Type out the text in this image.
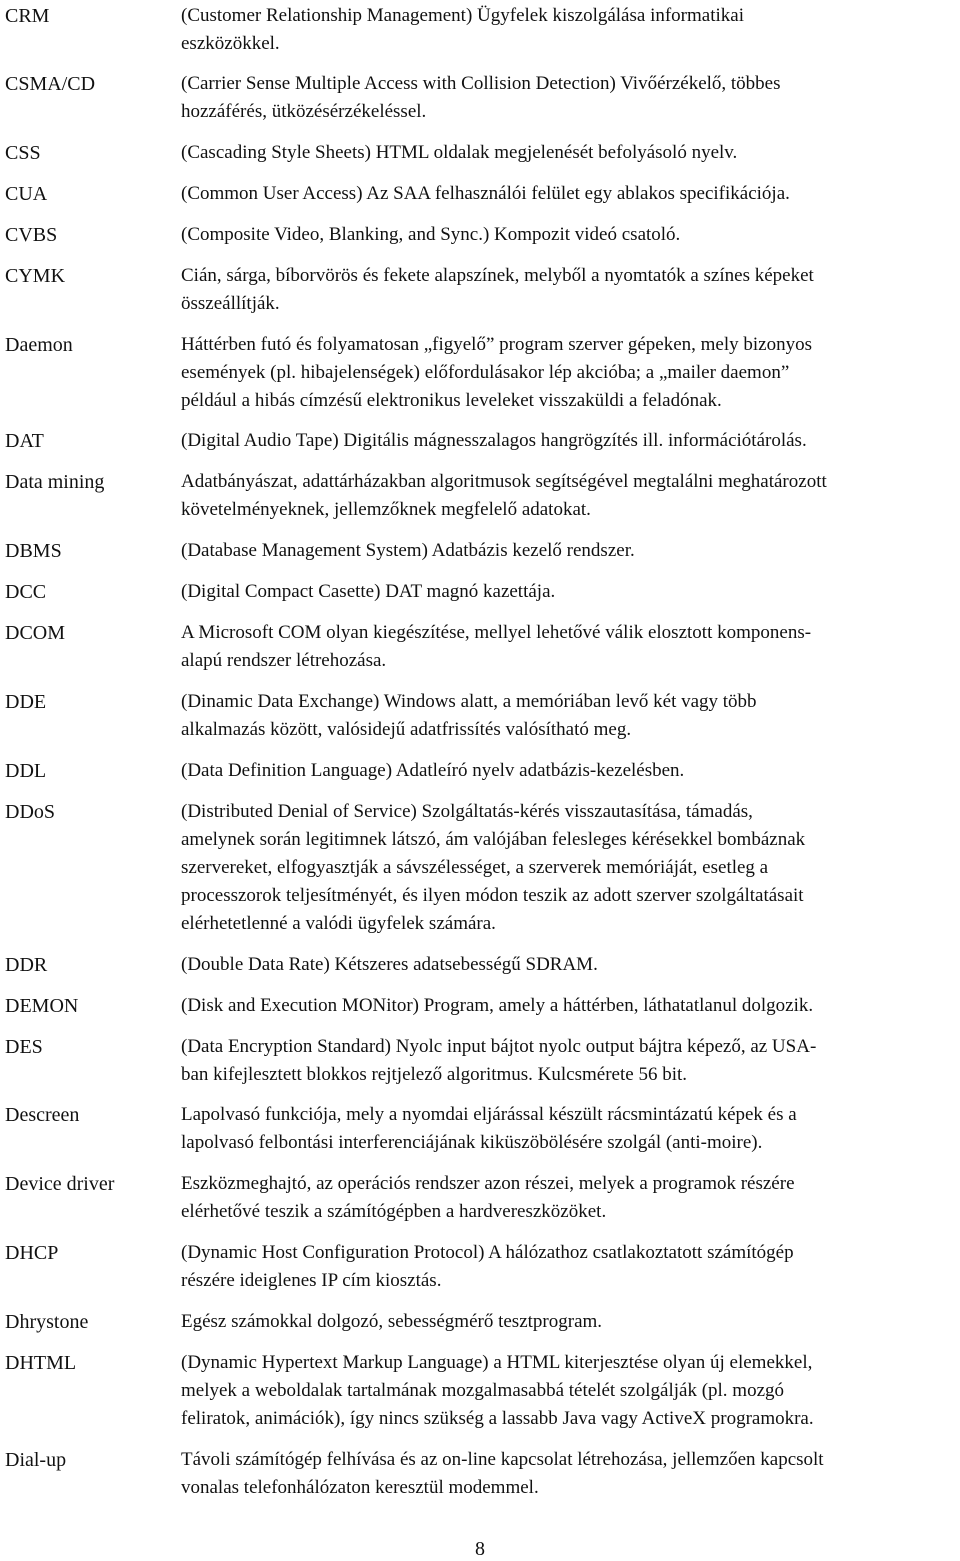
CRM	(Customer Relationship Management) Ügyfelek kiszolgálása informatikai
eszközökkel.
CSMA/CD	(Carrier Sense Multiple Access with Collision Detection) Vivőérzékelő, többes
hozzáférés, ütközésérzékeléssel.
CSS	(Cascading Style Sheets) HTML oldalak megjelenését befolyásoló nyelv.
CUA	(Common User Access) Az SAA felhasználói felület egy ablakos specifikációja.
CVBS	(Composite Video, Blanking, and Sync.) Kompozit videó csatoló.
CYMK	Cián, sárga, bíborvörös és fekete alapszínek, melyből a nyomtatók a színes képeket
összeállítják.
Daemon	Háttérben futó és folyamatosan „figyelő” program szerver gépeken, mely bizonyos
események (pl. hibajelenségek) előfordulásakor lép akcióba; a „mailer daemon”
például a hibás címzésű elektronikus leveleket visszaküldi a feladónak.
DAT	(Digital Audio Tape) Digitális mágnesszalagos hangrögzítés ill. információtárolás.
Data mining	Adatbányászat, adattárházakban algoritmusok segítségével megtalálni meghatározott
követelményeknek, jellemzőknek megfelelő adatokat.
DBMS	(Database Management System) Adatbázis kezelő rendszer.
DCC	(Digital Compact Casette) DAT magnó kazettája.
DCOM	A Microsoft COM olyan kiegészítése, mellyel lehetővé válik elosztott komponens-
alapú rendszer létrehozása.
DDE	(Dinamic Data Exchange) Windows alatt, a memóriában levő két vagy több
alkalmazás között, valósidejű adatfrissítés valósítható meg.
DDL	(Data Definition Language) Adatleíró nyelv adatbázis-kezelésben.
DDoS	(Distributed Denial of Service) Szolgáltatás-kérés visszautasítása, támadás,
amelynek során legitimnek látszó, ám valójában felesleges kérésekkel bombáznak
szervereket, elfogyasztják a sávszélességet, a szerverek memóriáját, esetleg a
processzorok teljesítményét, és ilyen módon teszik az adott szerver szolgáltatásait
elérhetetlenné a valódi ügyfelek számára.
DDR	(Double Data Rate) Kétszeres adatsebességű SDRAM.
DEMON	(Disk and Execution MONitor) Program, amely a háttérben, láthatatlanul dolgozik.
DES	(Data Encryption Standard) Nyolc input bájtot nyolc output bájtra képező, az USA-
ban kifejlesztett blokkos rejtjelező algoritmus. Kulcsmérete 56 bit.
Descreen	Lapolvasó funkciója, mely a nyomdai eljárással készült rácsmintázatú képek és a
lapolvasó felbontási interferenciájának kiküszöbölésére szolgál (anti-moire).
Device driver	Eszközmeghajtó, az operációs rendszer azon részei, melyek a programok részére
elérhetővé teszik a számítógépben a hardvereszközöket.
DHCP	(Dynamic Host Configuration Protocol) A hálózathoz csatlakoztatott számítógép
részére ideiglenes IP cím kiosztás.
Dhrystone	Egész számokkal dolgozó, sebességmérő tesztprogram.
DHTML	(Dynamic Hypertext Markup Language) a HTML kiterjesztése olyan új elemekkel,
melyek a weboldalak tartalmának mozgalmasabbá tételét szolgálják (pl. mozgó
feliratok, animációk), így nincs szükség a lassabb Java vagy ActiveX programokra.
Dial-up	Távoli számítógép felhívása és az on-line kapcsolat létrehozása, jellemzően kapcsolt
vonalas telefonhálózaton keresztül modemmel.
8
